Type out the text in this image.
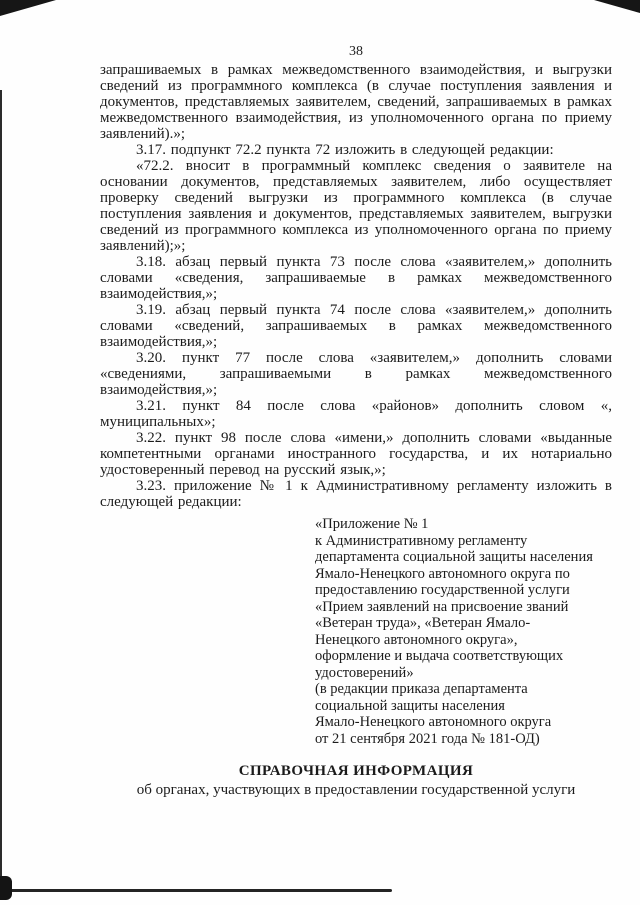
38

запрашиваемых в рамках межведомственного взаимодействия, и выгрузки сведений из программного комплекса (в случае поступления заявления и документов, представляемых заявителем, сведений, запрашиваемых в рамках межведомственного взаимодействия, из уполномоченного органа по приему заявлений).»;

3.17. подпункт 72.2 пункта 72 изложить в следующей редакции:

«72.2. вносит в программный комплекс сведения о заявителе на основании документов, представляемых заявителем, либо осуществляет проверку сведений выгрузки из программного комплекса (в случае поступления заявления и документов, представляемых заявителем, выгрузки сведений из программного комплекса из уполномоченного органа по приему заявлений);»;

3.18. абзац первый пункта 73 после слова «заявителем,» дополнить словами «сведения, запрашиваемые в рамках межведомственного взаимодействия,»;

3.19. абзац первый пункта 74 после слова «заявителем,» дополнить словами «сведений, запрашиваемых в рамках межведомственного взаимодействия,»;

3.20. пункт 77 после слова «заявителем,» дополнить словами «сведениями, запрашиваемыми в рамках межведомственного взаимодействия,»;

3.21. пункт 84 после слова «районов» дополнить словом «, муниципальных»;

3.22. пункт 98 после слова «имени,» дополнить словами «выданные компетентными органами иностранного государства, и их нотариально удостоверенный перевод на русский язык,»;

3.23. приложение № 1 к Административному регламенту изложить в следующей редакции:

«Приложение № 1
к Административному регламенту
департамента социальной защиты населения
Ямало-Ненецкого автономного округа по
предоставлению государственной услуги
«Прием заявлений на присвоение званий
«Ветеран труда», «Ветеран Ямало-
Ненецкого автономного округа»,
оформление и выдача соответствующих
удостоверений»
(в редакции приказа департамента
социальной защиты населения
Ямало-Ненецкого автономного округа
от 21 сентября 2021 года № 181-ОД)
СПРАВОЧНАЯ ИНФОРМАЦИЯ
об органах, участвующих в предоставлении государственной услуги
